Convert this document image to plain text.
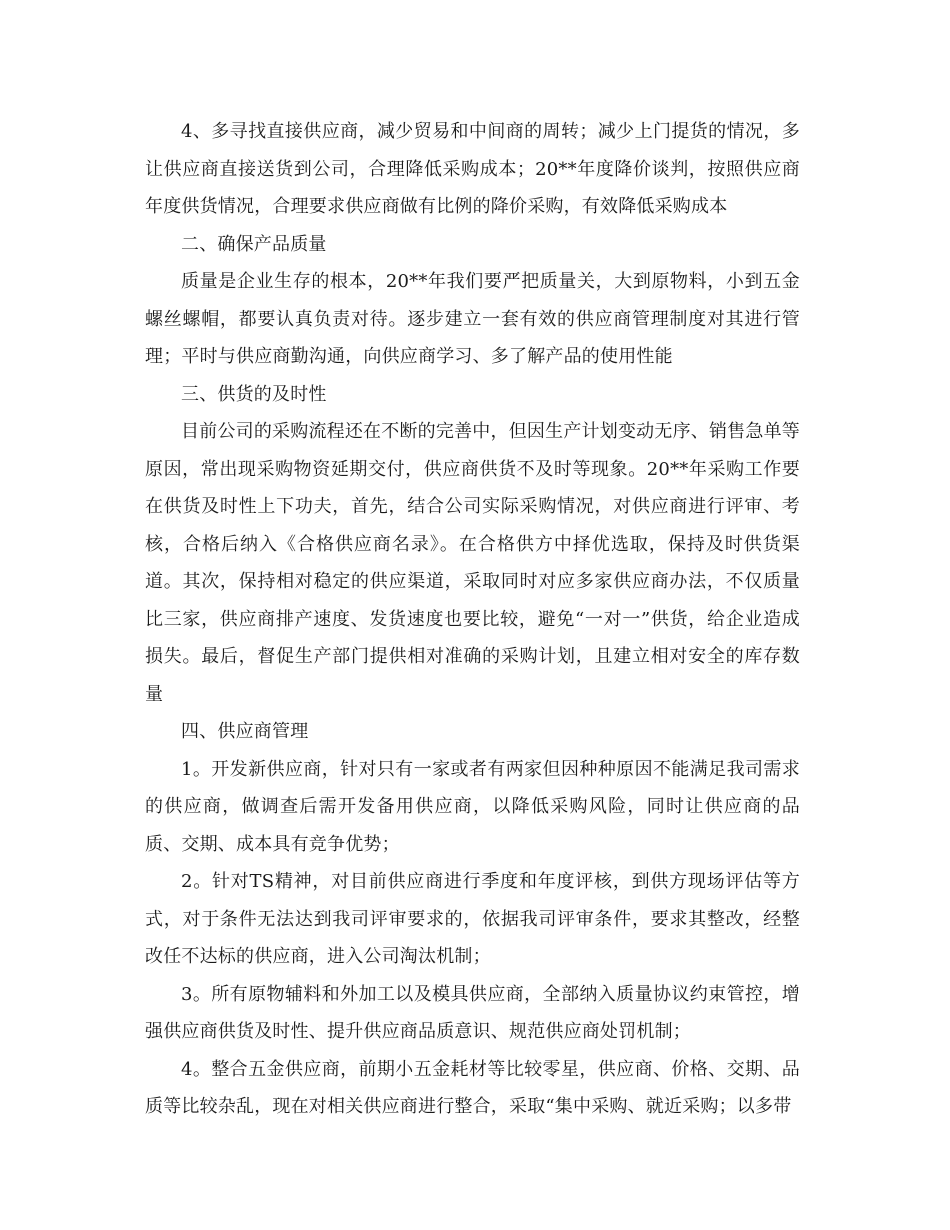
4、多寻找直接供应商，减少贸易和中间商的周转；减少上门提货的情况，多让供应商直接送货到公司，合理降低采购成本；20**年度降价谈判，按照供应商年度供货情况，合理要求供应商做有比例的降价采购，有效降低采购成本

二、确保产品质量

质量是企业生存的根本，20**年我们要严把质量关，大到原物料，小到五金螺丝螺帽，都要认真负责对待。逐步建立一套有效的供应商管理制度对其进行管理；平时与供应商勤沟通，向供应商学习、多了解产品的使用性能

三、供货的及时性

目前公司的采购流程还在不断的完善中，但因生产计划变动无序、销售急单等原因，常出现采购物资延期交付，供应商供货不及时等现象。20**年采购工作要在供货及时性上下功夫，首先，结合公司实际采购情况，对供应商进行评审、考核，合格后纳入《合格供应商名录》。在合格供方中择优选取，保持及时供货渠道。其次，保持相对稳定的供应渠道，采取同时对应多家供应商办法，不仅质量比三家，供应商排产速度、发货速度也要比较，避免“一对一”供货，给企业造成损失。最后，督促生产部门提供相对准确的采购计划，且建立相对安全的库存数量

四、供应商管理

1。开发新供应商，针对只有一家或者有两家但因种种原因不能满足我司需求的供应商，做调查后需开发备用供应商，以降低采购风险，同时让供应商的品质、交期、成本具有竞争优势；

2。针对TS精神，对目前供应商进行季度和年度评核，到供方现场评估等方式，对于条件无法达到我司评审要求的，依据我司评审条件，要求其整改，经整改任不达标的供应商，进入公司淘汰机制；

3。所有原物辅料和外加工以及模具供应商，全部纳入质量协议约束管控，增强供应商供货及时性、提升供应商品质意识、规范供应商处罚机制；

4。整合五金供应商，前期小五金耗材等比较零星，供应商、价格、交期、品质等比较杂乱，现在对相关供应商进行整合，采取“集中采购、就近采购；以多带
